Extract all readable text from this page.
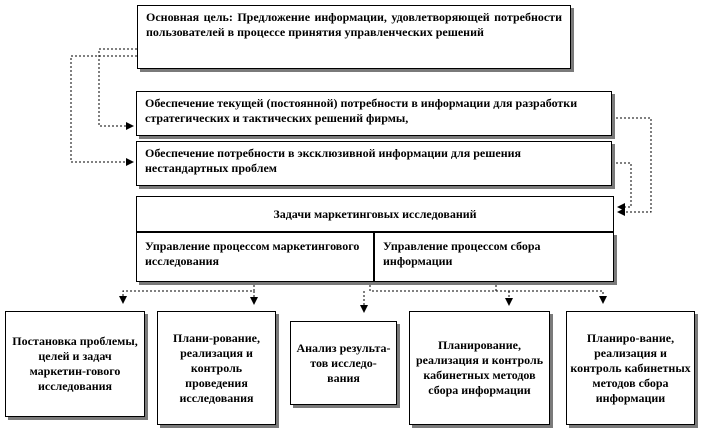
Основная цель: Предложение информации, удовлетворяющей потребности пользователей в процессе принятия управленческих решений
Обеспечение текущей (постоянной) потребности в информации для разработки стратегических и тактических решений фирмы,
Обеспечение потребности в эксклюзивной информации для решения нестандартных проблем
Задачи маркетинговых исследований
Управление процессом маркетингового исследования
Управление процессом сбора информации
Постановка проблемы, целей и задач маркетин-гового исследования
Плани-рование, реализация и контроль проведения исследования
Анализ результа-тов исследо-вания
Планирование, реализация и контроль кабинетных методов сбора информации
Планиро-вание, реализация и контроль кабинетных методов сбора информации
